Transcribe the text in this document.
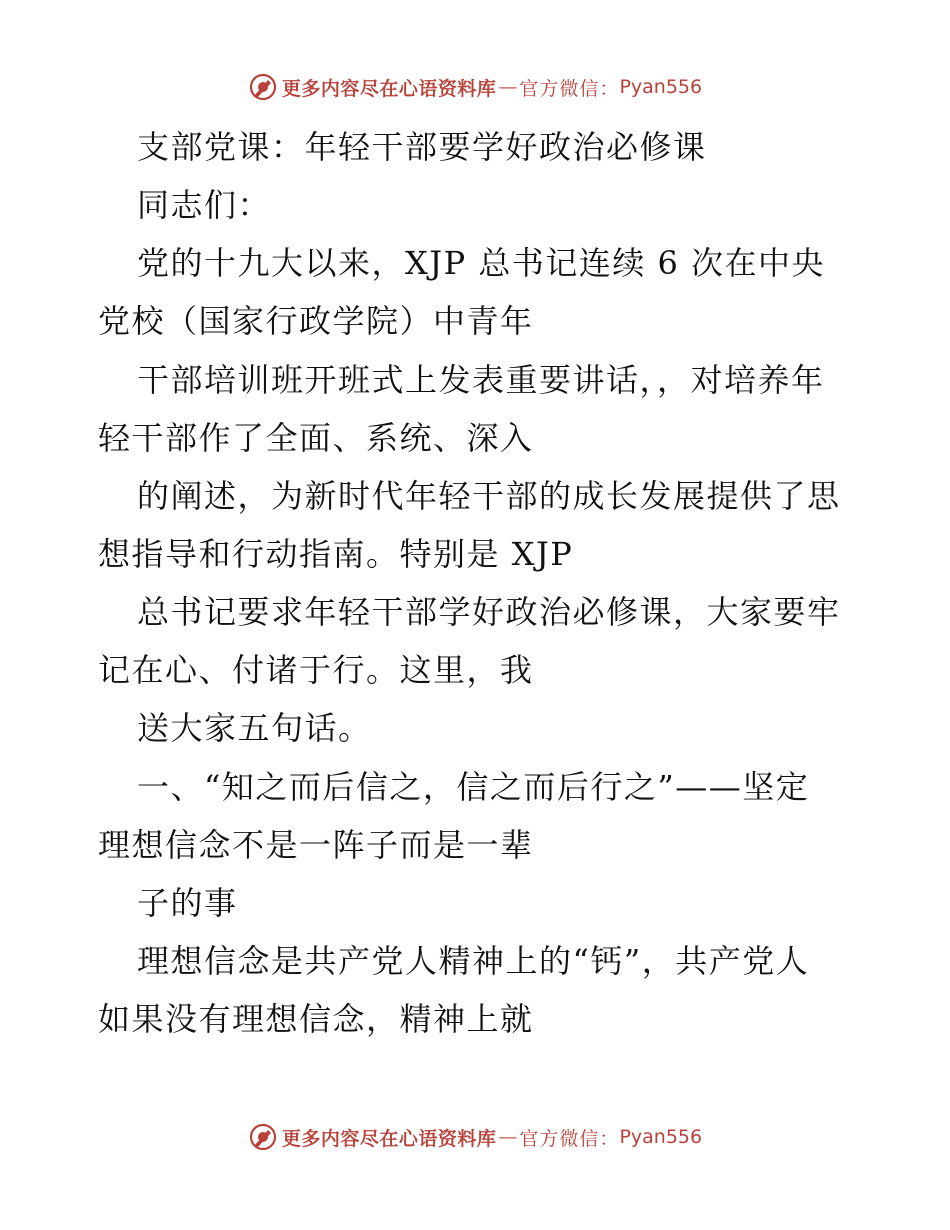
更多内容尽在心语资料库 — 官方微信： Pyan556
支部党课：年轻干部要学好政治必修课
同志们：
党的十九大以来，XJP 总书记连续 6 次在中央
党校（国家行政学院）中青年
干部培训班开班式上发表重要讲话，，对培养年
轻干部作了全面、系统、深入
的阐述，为新时代年轻干部的成长发展提供了思
想指导和行动指南。特别是 XJP
总书记要求年轻干部学好政治必修课，大家要牢
记在心、付诸于行。这里，我
送大家五句话。
一、“知之而后信之，信之而后行之”——坚定
理想信念不是一阵子而是一辈
子的事
理想信念是共产党人精神上的“钙”，共产党人
如果没有理想信念，精神上就
更多内容尽在心语资料库 — 官方微信： Pyan556
